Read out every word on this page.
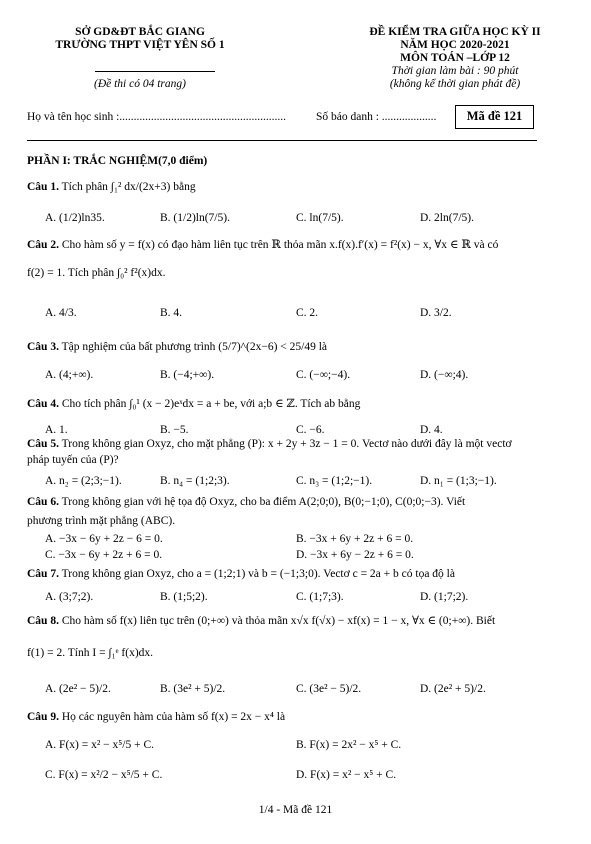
SỞ GD&ĐT BẮC GIANG
TRƯỜNG THPT VIỆT YÊN SỐ 1
(Đề thi có 04 trang)
ĐỀ KIỂM TRA GIỮA HỌC KỲ II
NĂM HỌC 2020-2021
MÔN TOÁN –LỚP 12
Thời gian làm bài : 90 phút
(không kể thời gian phát đề)
Họ và tên học sinh :..........................................................	Số báo danh : ...................	Mã đề 121
PHẦN I: TRẮC NGHIỆM(7,0 điểm)
Câu 1. Tích phân ∫₁² dx/(2x+3) bằng
A. (1/2)ln35.	B. (1/2)ln(7/5).	C. ln(7/5).	D. 2ln(7/5).
Câu 2. Cho hàm số y = f(x) có đạo hàm liên tục trên ℝ thỏa mãn x.f(x).f′(x) = f²(x) − x, ∀x ∈ ℝ và có
f(2) = 1. Tích phân ∫₀² f²(x)dx.
A. 4/3.	B. 4.	C. 2.	D. 3/2.
Câu 3. Tập nghiệm của bất phương trình (5/7)^(2x−6) < 25/49 là
A. (4;+∞).	B. (−4;+∞).	C. (−∞;−4).	D. (−∞;4).
Câu 4. Cho tích phân ∫₀¹ (x − 2)eˣdx = a + be, với a;b ∈ ℤ. Tích ab bằng
A. 1.	B. −5.	C. −6.	D. 4.
Câu 5. Trong không gian Oxyz, cho mặt phẳng (P): x + 2y + 3z − 1 = 0. Vectơ nào dưới đây là một vectơ
pháp tuyến của (P)?
A. n₂ = (2;3;−1).	B. n₄ = (1;2;3).	C. n₃ = (1;2;−1).	D. n₁ = (1;3;−1).
Câu 6. Trong không gian với hệ tọa độ Oxyz, cho ba điểm A(2;0;0), B(0;−1;0), C(0;0;−3). Viết
phương trình mặt phẳng (ABC).
A. −3x − 6y + 2z − 6 = 0.	B. −3x + 6y + 2z + 6 = 0.
C. −3x − 6y + 2z + 6 = 0.	D. −3x + 6y − 2z + 6 = 0.
Câu 7. Trong không gian Oxyz, cho a = (1;2;1) và b = (−1;3;0). Vectơ c = 2a + b có tọa độ là
A. (3;7;2).	B. (1;5;2).	C. (1;7;3).	D. (1;7;2).
Câu 8. Cho hàm số f(x) liên tục trên (0;+∞) và thỏa mãn x√x f(√x) − xf(x) = 1 − x, ∀x ∈ (0;+∞). Biết
f(1) = 2. Tính I = ∫₁ᵉ f(x)dx.
A. (2e² − 5)/2.	B. (3e² + 5)/2.	C. (3e² − 5)/2.	D. (2e² + 5)/2.
Câu 9. Họ các nguyên hàm của hàm số f(x) = 2x − x⁴ là
A. F(x) = x² − x⁵/5 + C.	B. F(x) = 2x² − x⁵ + C.
C. F(x) = x²/2 − x⁵/5 + C.	D. F(x) = x² − x⁵ + C.
1/4 - Mã đề 121
